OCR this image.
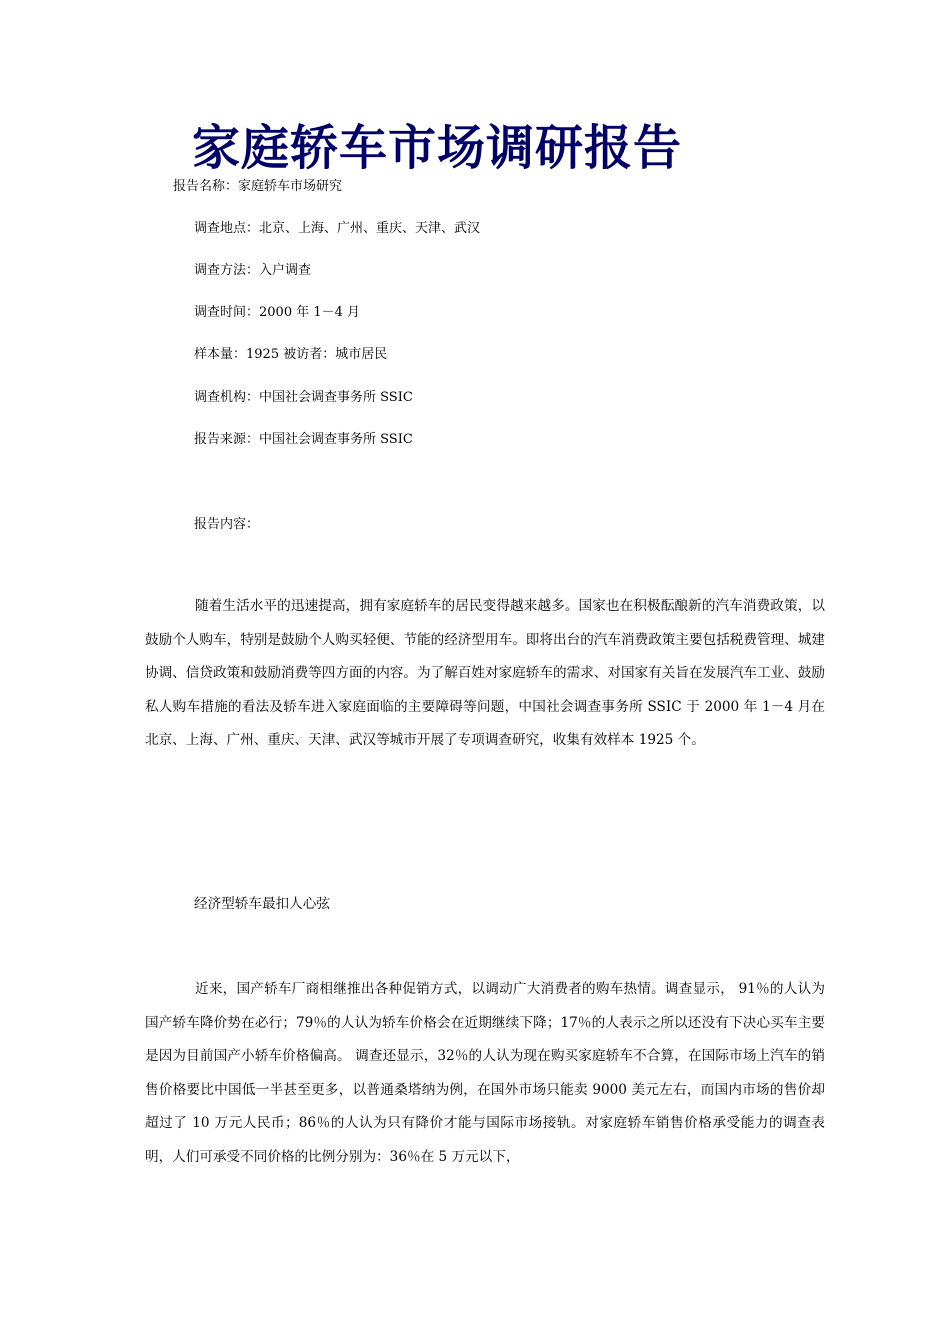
家庭轿车市场调研报告
报告名称：家庭轿车市场研究
调查地点：北京、上海、广州、重庆、天津、武汉
调查方法：入户调查
调查时间：2000 年 1－4 月
样本量：1925 被访者：城市居民
调查机构：中国社会调查事务所 SSIC
报告来源：中国社会调查事务所 SSIC
报告内容：
随着生活水平的迅速提高，拥有家庭轿车的居民变得越来越多。国家也在积极酝酿新的汽车消费政策，以鼓励个人购车，特别是鼓励个人购买轻便、节能的经济型用车。即将出台的汽车消费政策主要包括税费管理、城建协调、信贷政策和鼓励消费等四方面的内容。为了解百姓对家庭轿车的需求、对国家有关旨在发展汽车工业、鼓励私人购车措施的看法及轿车进入家庭面临的主要障碍等问题，中国社会调查事务所 SSIC 于 2000 年 1－4 月在北京、上海、广州、重庆、天津、武汉等城市开展了专项调查研究，收集有效样本 1925 个。
经济型轿车最扣人心弦
近来，国产轿车厂商相继推出各种促销方式，以调动广大消费者的购车热情。调查显示， 91％的人认为国产轿车降价势在必行；79％的人认为轿车价格会在近期继续下降；17％的人表示之所以还没有下决心买车主要是因为目前国产小轿车价格偏高。 调查还显示，32％的人认为现在购买家庭轿车不合算，在国际市场上汽车的销售价格要比中国低一半甚至更多，以普通桑塔纳为例，在国外市场只能卖 9000 美元左右，而国内市场的售价却超过了 10 万元人民币；86％的人认为只有降价才能与国际市场接轨。对家庭轿车销售价格承受能力的调查表明，人们可承受不同价格的比例分别为：36％在 5 万元以下，
